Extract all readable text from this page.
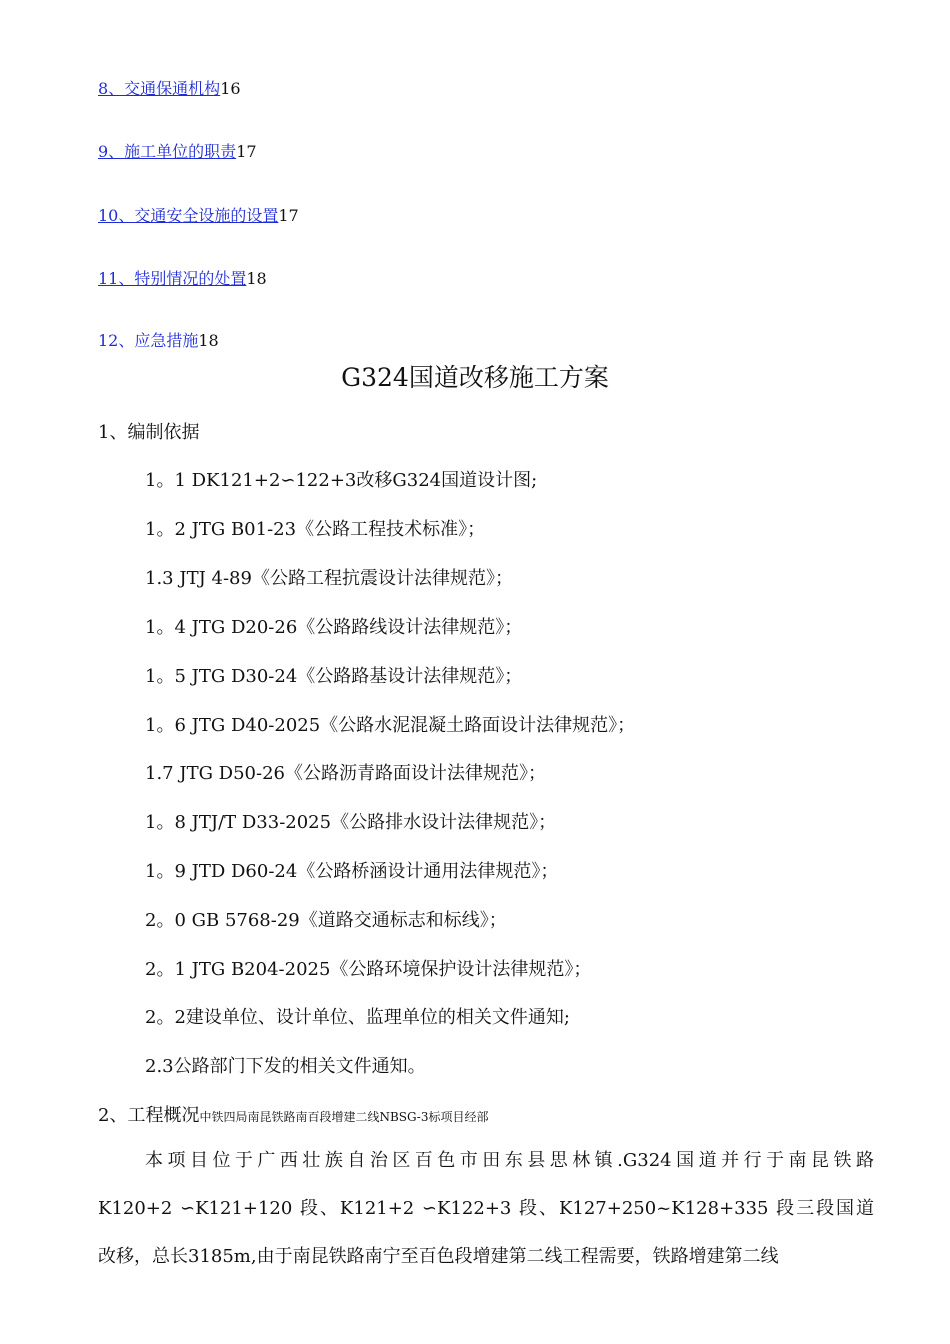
8、交通保通机构16
9、施工单位的职责17
10、交通安全设施的设置17
11、特别情况的处置18
12、应急措施18
G324国道改移施工方案
1、编制依据
1。1 DK121+2∽122+3改移G324国道设计图;
1。2 JTG B01-23《公路工程技术标准》；
1.3 JTJ 4-89《公路工程抗震设计法律规范》；
1。4 JTG D20-26《公路路线设计法律规范》；
1。5 JTG D30-24《公路路基设计法律规范》；
1。6 JTG D40-2025《公路水泥混凝土路面设计法律规范》；
1.7 JTG D50-26《公路沥青路面设计法律规范》；
1。8 JTJ/T D33-2025《公路排水设计法律规范》；
1。9 JTD D60-24《公路桥涵设计通用法律规范》；
2。0 GB 5768-29《道路交通标志和标线》；
2。1 JTG B204-2025《公路环境保护设计法律规范》；
2。2建设单位、设计单位、监理单位的相关文件通知;
2.3公路部门下发的相关文件通知。
2、工程概况中铁四局南昆铁路南百段增建二线NBSG-3标项目经部
本项目位于广西壮族自治区百色市田东县思林镇.G324国道并行于南昆铁路
K120+2 ∽K121+120 段、K121+2 ∽K122+3 段、K127+250~K128+335 段三段国道
改移，总长3185m,由于南昆铁路南宁至百色段增建第二线工程需要，铁路增建第二线
